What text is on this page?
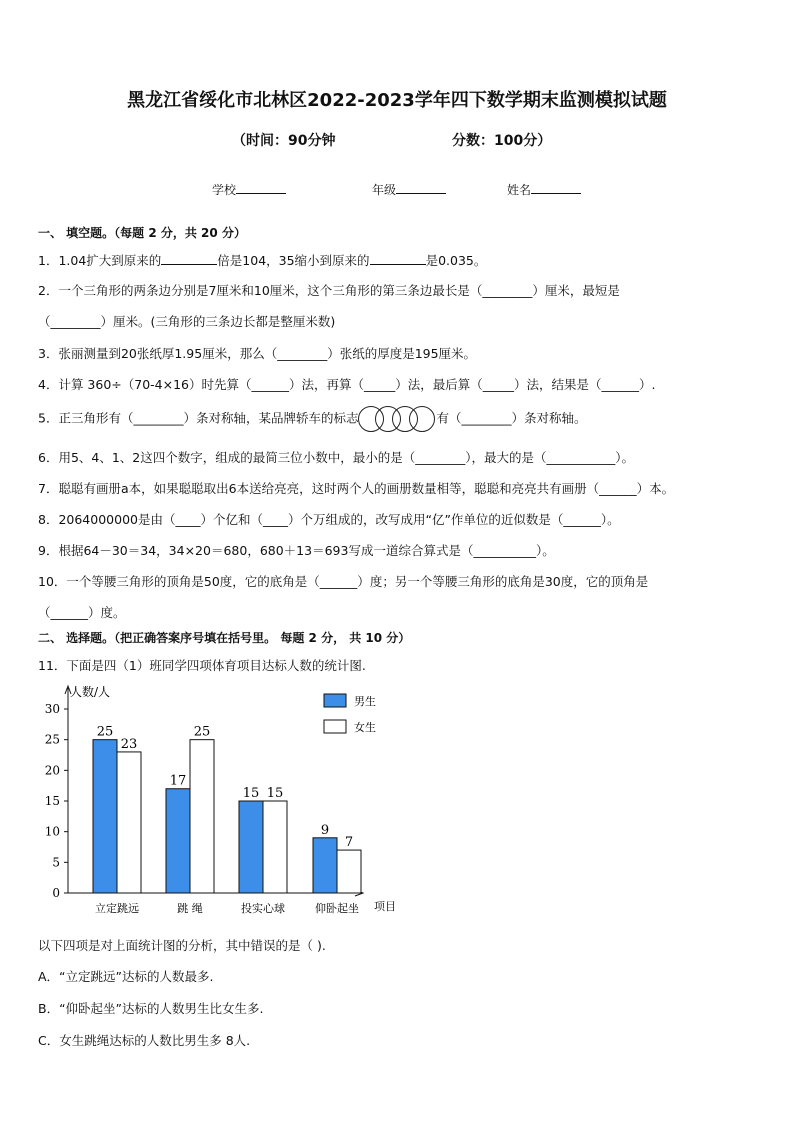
黑龙江省绥化市北林区2022-2023学年四下数学期末监测模拟试题
（时间：90分钟	分数：100分）
学校	年级	姓名
一、 填空题。（每题 2 分，共 20 分）
1．1.04扩大到原来的	倍是104，35缩小到原来的	是0.035。
2．一个三角形的两条边分别是7厘米和10厘米，这个三角形的第三条边最长是（________）厘米，最短是
（________）厘米。(三角形的三条边长都是整厘米数)
3．张丽测量到20张纸厚1.95厘米，那么（________）张纸的厚度是195厘米。
4．计算 360÷（70-4×16）时先算（______）法，再算（_____）法，最后算（_____）法，结果是（______）.
5．正三角形有（________）条对称轴，某品牌轿车的标志	有（________）条对称轴。
6．用5、4、1、2这四个数字，组成的最简三位小数中，最小的是（________），最大的是（___________）。
7．聪聪有画册a本，如果聪聪取出6本送给亮亮，这时两个人的画册数量相等，聪聪和亮亮共有画册（______）本。
8．2064000000是由（____）个亿和（____）个万组成的，改写成用“亿”作单位的近似数是（______）。
9．根据64－30＝34，34×20＝680，680＋13＝693写成一道综合算式是（__________）。
10．一个等腰三角形的顶角是50度，它的底角是（______）度；另一个等腰三角形的底角是30度，它的顶角是
（______）度。
二、 选择题。（把正确答案序号填在括号里。 每题 2 分， 共 10 分）
11．下面是四（1）班同学四项体育项目达标人数的统计图.
人数/人
项目
0
5
10
15
20
25
30
25
23
立定跳远
17
25
跳 绳
15 15
投实心球
9
7
仰卧起坐
男生
女生
以下四项是对上面统计图的分析，其中错误的是（ ).
A．“立定跳远”达标的人数最多.
B．“仰卧起坐”达标的人数男生比女生多.
C．女生跳绳达标的人数比男生多 8人.
